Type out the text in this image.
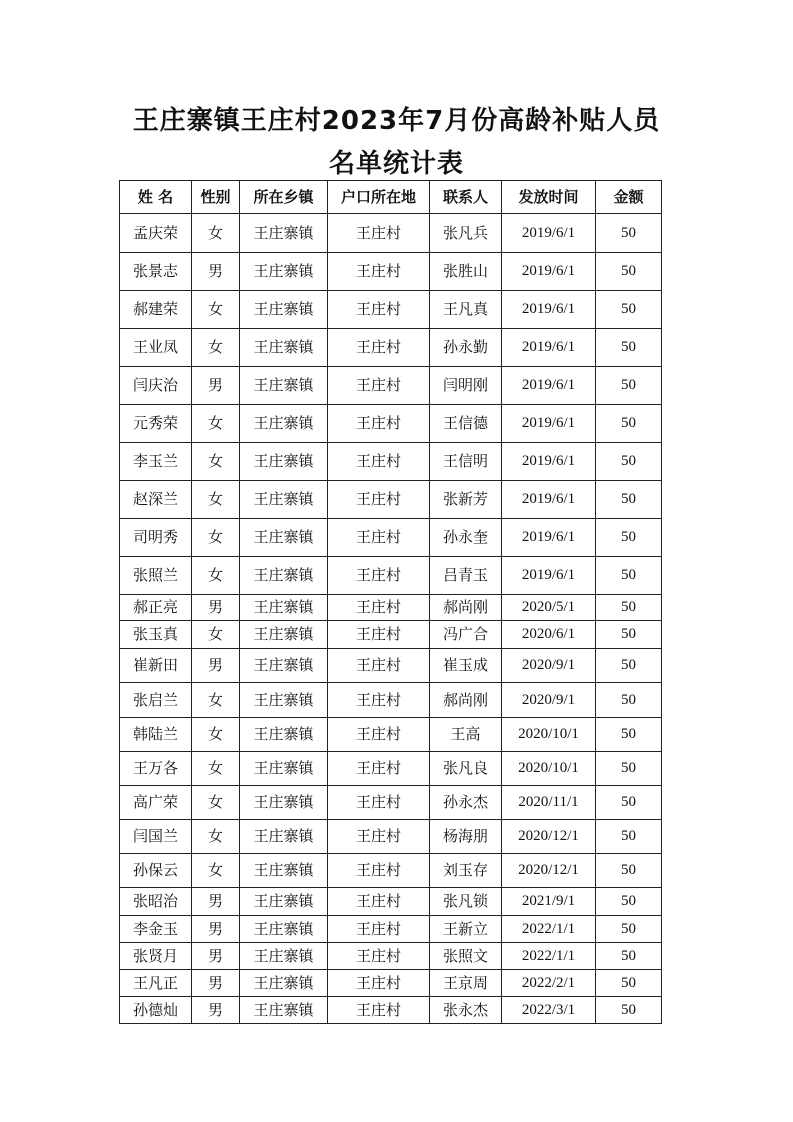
王庄寨镇王庄村2023年7月份高龄补贴人员
名单统计表
姓 名	性别	所在乡镇	户口所在地	联系人	发放时间	金额
孟庆荣	女	王庄寨镇	王庄村	张凡兵	2019/6/1	50
张景志	男	王庄寨镇	王庄村	张胜山	2019/6/1	50
郝建荣	女	王庄寨镇	王庄村	王凡真	2019/6/1	50
王业凤	女	王庄寨镇	王庄村	孙永勤	2019/6/1	50
闫庆治	男	王庄寨镇	王庄村	闫明刚	2019/6/1	50
元秀荣	女	王庄寨镇	王庄村	王信德	2019/6/1	50
李玉兰	女	王庄寨镇	王庄村	王信明	2019/6/1	50
赵深兰	女	王庄寨镇	王庄村	张新芳	2019/6/1	50
司明秀	女	王庄寨镇	王庄村	孙永奎	2019/6/1	50
张照兰	女	王庄寨镇	王庄村	吕青玉	2019/6/1	50
郝正亮	男	王庄寨镇	王庄村	郝尚刚	2020/5/1	50
张玉真	女	王庄寨镇	王庄村	冯广合	2020/6/1	50
崔新田	男	王庄寨镇	王庄村	崔玉成	2020/9/1	50
张启兰	女	王庄寨镇	王庄村	郝尚刚	2020/9/1	50
韩陆兰	女	王庄寨镇	王庄村	王高	2020/10/1	50
王万各	女	王庄寨镇	王庄村	张凡良	2020/10/1	50
高广荣	女	王庄寨镇	王庄村	孙永杰	2020/11/1	50
闫国兰	女	王庄寨镇	王庄村	杨海朋	2020/12/1	50
孙保云	女	王庄寨镇	王庄村	刘玉存	2020/12/1	50
张昭治	男	王庄寨镇	王庄村	张凡锁	2021/9/1	50
李金玉	男	王庄寨镇	王庄村	王新立	2022/1/1	50
张贤月	男	王庄寨镇	王庄村	张照文	2022/1/1	50
王凡正	男	王庄寨镇	王庄村	王京周	2022/2/1	50
孙德灿	男	王庄寨镇	王庄村	张永杰	2022/3/1	50
